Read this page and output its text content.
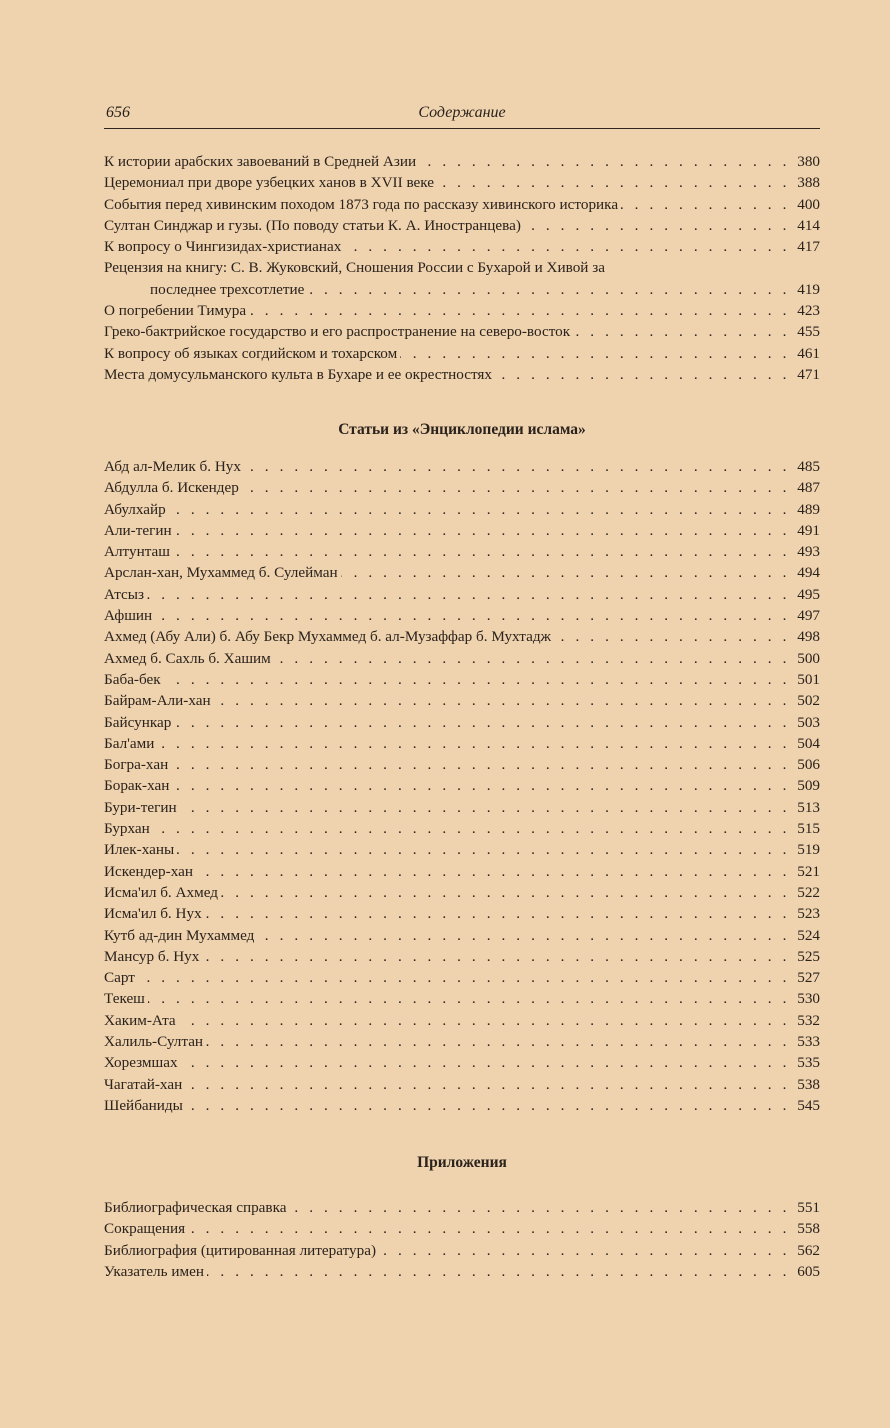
656	Содержание
К истории арабских завоеваний в Средней Азии . . .	380
Церемониал при дворе узбецких ханов в XVII веке . . .	388
События перед хивинским походом 1873 года по рассказу хивинского историка . . .	400
Султан Синджар и гузы. (По поводу статьи К. А. Иностранцева) . . .	414
К вопросу о Чингизидах-христианах . . .	417
Рецензия на книгу: С. В. Жуковский, Сношения России с Бухарой и Хивой за
последнее трехсотлетие . . .	419
О погребении Тимура . . .	423
Греко-бактрийское государство и его распространение на северо-восток . . .	455
К вопросу об языках согдийском и тохарском . . .	461
Места домусульманского культа в Бухаре и ее окрестностях . . .	471
Статьи из «Энциклопедии ислама»
Абд ал-Мелик б. Нух . . .	485
Абдулла б. Искендер . . .	487
Абулхайр . . .	489
Али-тегин . . .	491
Алтунташ . . .	493
Арслан-хан, Мухаммед б. Сулейман . . .	494
Атсыз . . .	495
Афшин . . .	497
Ахмед (Абу Али) б. Абу Бекр Мухаммед б. ал-Музаффар б. Мухтадж . . .	498
Ахмед б. Сахль б. Хашим . . .	500
Баба-бек . . .	501
Байрам-Али-хан . . .	502
Байсункар . . .	503
Бал'ами . . .	504
Богра-хан . . .	506
Борак-хан . . .	509
Бури-тегин . . .	513
Бурхан . . .	515
Илек-ханы . . .	519
Искендер-хан . . .	521
Исма'ил б. Ахмед . . .	522
Исма'ил б. Нух . . .	523
Кутб ад-дин Мухаммед . . .	524
Мансур б. Нух . . .	525
Сарт . . .	527
Текеш . . .	530
Хаким-Ата . . .	532
Халиль-Султан . . .	533
Хорезмшах . . .	535
Чагатай-хан . . .	538
Шейбаниды . . .	545
Приложения
Библиографическая справка . . .	551
Сокращения . . .	558
Библиография (цитированная литература) . . .	562
Указатель имен . . .	605
